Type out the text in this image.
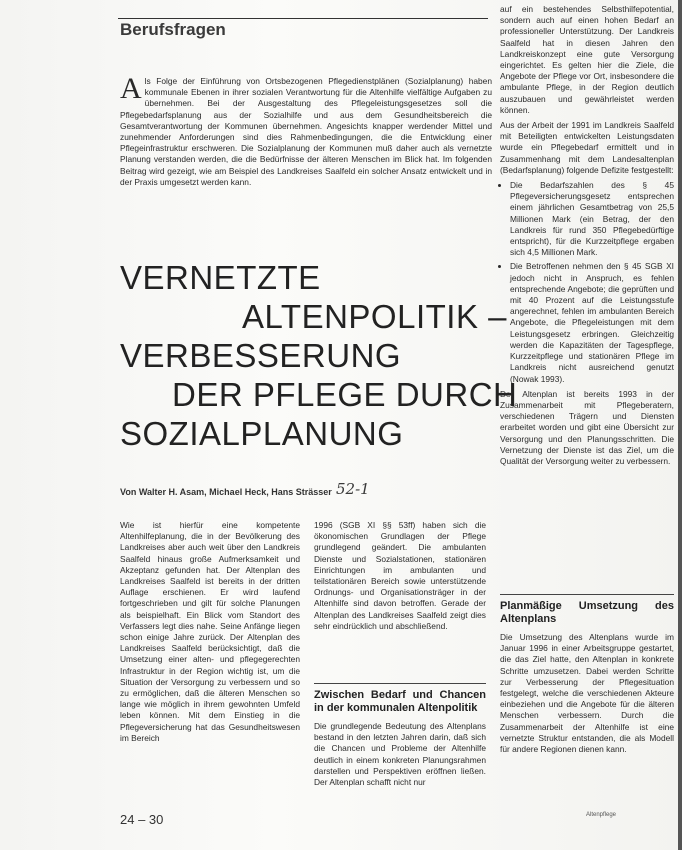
Berufsfragen
Als Folge der Einführung von Ortsbezogenen Pflegedienstplänen (Sozialplanung) haben kommunale Ebenen in ihrer sozialen Verantwortung für die Altenhilfe vielfältige Aufgaben zu übernehmen. Bei der Ausgestaltung des Pflegeleistungsgesetzes soll die Pflegebedarfsplanung aus der Sozialhilfe und aus dem Gesundheitsbereich die Gesamtverantwortung der Kommunen übernehmen. Angesichts knapper werdender Mittel und zunehmender Anforderungen sind dies Rahmenbedingungen, die die Entwicklung einer Pflegeinfrastruktur erschweren. Die Sozialplanung der Kommunen muß daher auch als vernetzte Planung verstanden werden, die die Bedürfnisse der älteren Menschen im Blick hat. Im folgenden Beitrag wird gezeigt, wie am Beispiel des Landkreises Saalfeld ein solcher Ansatz entwickelt und in der Praxis umgesetzt werden kann.
VERNETZTE
ALTENPOLITIK –
VERBESSERUNG
DER PFLEGE DURCH
SOZIALPLANUNG
Von Walter H. Asam, Michael Heck, Hans Strässer 52-1

Wie ist hierfür eine kompetente Altenhilfeplanung, die in der Bevölkerung des Landkreises aber auch weit über den Landkreis Saalfeld hinaus große Aufmerksamkeit und Akzeptanz gefunden hat. Der Altenplan des Landkreises Saalfeld ist bereits in der dritten Auflage erschienen. Er wird laufend fortgeschrieben und gilt für solche Planungen als beispielhaft. Ein Blick vom Standort des Verfassers legt dies nahe. Seine Anfänge liegen schon einige Jahre zurück. Der Altenplan des Landkreises Saalfeld berücksichtigt, daß die Umsetzung einer alten- und pflegegerechten Infrastruktur in der Region wichtig ist, um die Situation der Versorgung zu verbessern und so zu ermöglichen, daß die älteren Menschen so lange wie möglich in ihrem gewohnten Umfeld leben können. Mit dem Einstieg in die Pflegeversicherung hat das Gesundheitswesen im Bereich

1996 (SGB XI §§ 53ff) haben sich die ökonomischen Grundlagen der Pflege grundlegend geändert. Die ambulanten Dienste und Sozialstationen, stationären Einrichtungen im ambulanten und teilstationären Bereich sowie unterstützende Ordnungs- und Organisationsträger in der Altenhilfe sind davon betroffen. Gerade der Altenplan des Landkreises Saalfeld zeigt dies sehr eindrücklich und abschließend.

Zwischen Bedarf und Chancen in der kommunalen Altenpolitik

Die grundlegende Bedeutung des Altenplans bestand in den letzten Jahren darin, daß sich die Chancen und Probleme der Altenhilfe deutlich in einem konkreten Planungsrahmen darstellen und Perspektiven eröffnen ließen. Der Altenplan schafft nicht nur

auf ein bestehendes Selbsthilfepotential, sondern auch auf einen hohen Bedarf an professioneller Unterstützung. Der Landkreis Saalfeld hat in diesen Jahren den Landkreiskonzept eine gute Versorgung eingerichtet. Es gelten hier die Ziele, die Angebote der Pflege vor Ort, insbesondere die ambulante Pflege, in der Region deutlich auszubauen und gewährleistet werden können.

Aus der Arbeit der 1991 im Landkreis Saalfeld mit Beteiligten entwickelten Leistungsdaten wurde ein Pflegebedarf ermittelt und in Zusammenhang mit dem Landesaltenplan (Bedarfsplanung) folgende Defizite festgestellt:

• Die Bedarfszahlen des § 45 Pflegeversicherungsgesetz entsprechen einem jährlichen Gesamtbetrag von 25,5 Millionen Mark (ein Betrag, der den Landkreis für rund 350 Pflegebedürftige entspricht), für die Kurzzeitpflege ergaben sich 4,5 Millionen Mark.
• Die Betroffenen nehmen den § 45 SGB XI jedoch nicht in Anspruch, es fehlen entsprechende Angebote; die geprüften und mit 40 Prozent auf die Leistungsstufe angerechnet, fehlen im ambulanten Bereich Angebote, die Pflegeleistungen mit dem Leistungsgesetz erbringen. Gleichzeitig werden die Kapazitäten der Tagespflege, Kurzzeitpflege und stationären Pflege im Landkreis nicht ausreichend genutzt (Nowak 1993).

Der Altenplan ist bereits 1993 in der Zusammenarbeit mit Pflegeberatern, verschiedenen Trägern und Diensten erarbeitet worden und gibt eine Übersicht zur Versorgung und den Planungsschritten. Die Vernetzung der Dienste ist das Ziel, um die Qualität der Versorgung weiter zu verbessern.

Planmäßige Umsetzung des Altenplans

Die Umsetzung des Altenplans wurde im Januar 1996 in einer Arbeitsgruppe gestartet, die das Ziel hatte, den Altenplan in konkrete Schritte umzusetzen. Dabei werden Schritte zur Verbesserung der Pflegesituation festgelegt, welche die verschiedenen Akteure einbeziehen und die Angebote für die älteren Menschen verbessern. Durch die Zusammenarbeit der Altenhilfe ist eine vernetzte Struktur entstanden, die als Modell für andere Regionen dienen kann.

24 – 30	Altenpflege
